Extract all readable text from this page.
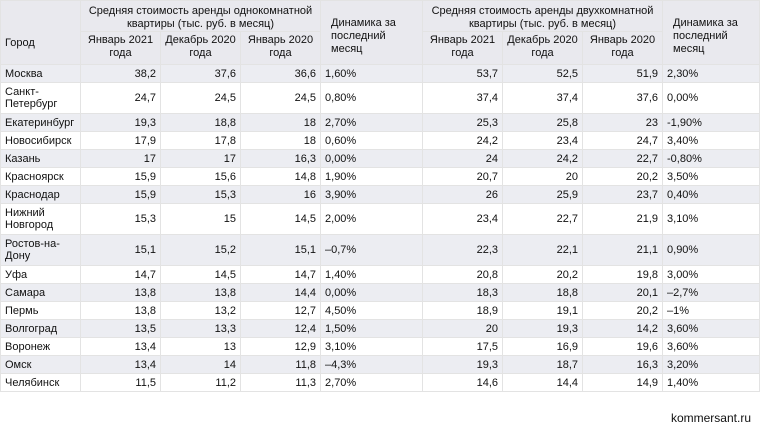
Город	Средняя стоимость аренды однокомнатной квартиры (тыс. руб. в месяц)			Динамика за последний месяц	Средняя стоимость аренды двухкомнатной квартиры (тыс. руб. в месяц)			Динамика за последний месяц
	Январь 2021 года	Декабрь 2020 года	Январь 2020 года		Январь 2021 года	Декабрь 2020 года	Январь 2020 года	
Москва	38,2	37,6	36,6	1,60%	53,7	52,5	51,9	2,30%
Санкт-Петербург	24,7	24,5	24,5	0,80%	37,4	37,4	37,6	0,00%
Екатеринбург	19,3	18,8	18	2,70%	25,3	25,8	23	-1,90%
Новосибирск	17,9	17,8	18	0,60%	24,2	23,4	24,7	3,40%
Казань	17	17	16,3	0,00%	24	24,2	22,7	-0,80%
Красноярск	15,9	15,6	14,8	1,90%	20,7	20	20,2	3,50%
Краснодар	15,9	15,3	16	3,90%	26	25,9	23,7	0,40%
Нижний Новгород	15,3	15	14,5	2,00%	23,4	22,7	21,9	3,10%
Ростов-на-Дону	15,1	15,2	15,1	–0,7%	22,3	22,1	21,1	0,90%
Уфа	14,7	14,5	14,7	1,40%	20,8	20,2	19,8	3,00%
Самара	13,8	13,8	14,4	0,00%	18,3	18,8	20,1	–2,7%
Пермь	13,8	13,2	12,7	4,50%	18,9	19,1	20,2	–1%
Волгоград	13,5	13,3	12,4	1,50%	20	19,3	14,2	3,60%
Воронеж	13,4	13	12,9	3,10%	17,5	16,9	19,6	3,60%
Омск	13,4	14	11,8	–4,3%	19,3	18,7	16,3	3,20%
Челябинск	11,5	11,2	11,3	2,70%	14,6	14,4	14,9	1,40%
kommersant.ru
